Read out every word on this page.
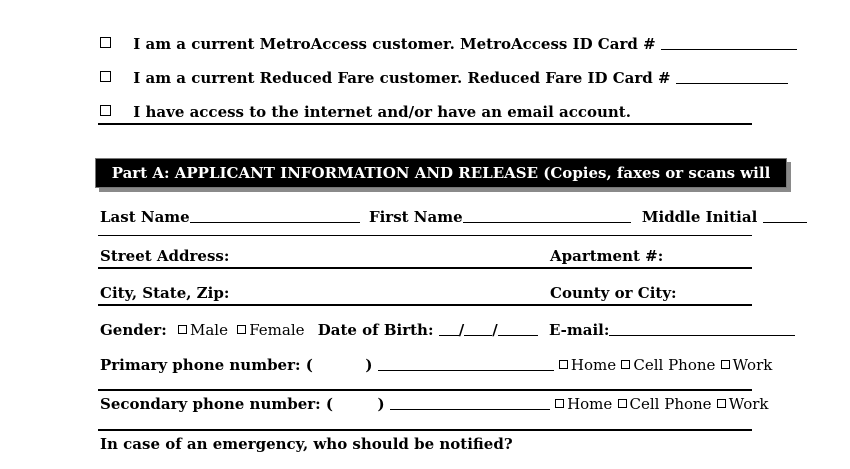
I am a current MetroAccess customer. MetroAccess ID Card #
I am a current Reduced Fare customer. Reduced Fare ID Card #
I have access to the internet and/or have an email account.
Part A: APPLICANT INFORMATION AND RELEASE (Copies, faxes or scans will not be accepted)
Last Name	First Name	Middle Initial
Street Address:	Apartment #:
City, State, Zip:	County or City:
Gender: Male Female Date of Birth: / /	E-mail:
Primary phone number: (	)	Home Cell Phone Work
Secondary phone number: (	)	Home Cell Phone Work
In case of an emergency, who should be notified?
